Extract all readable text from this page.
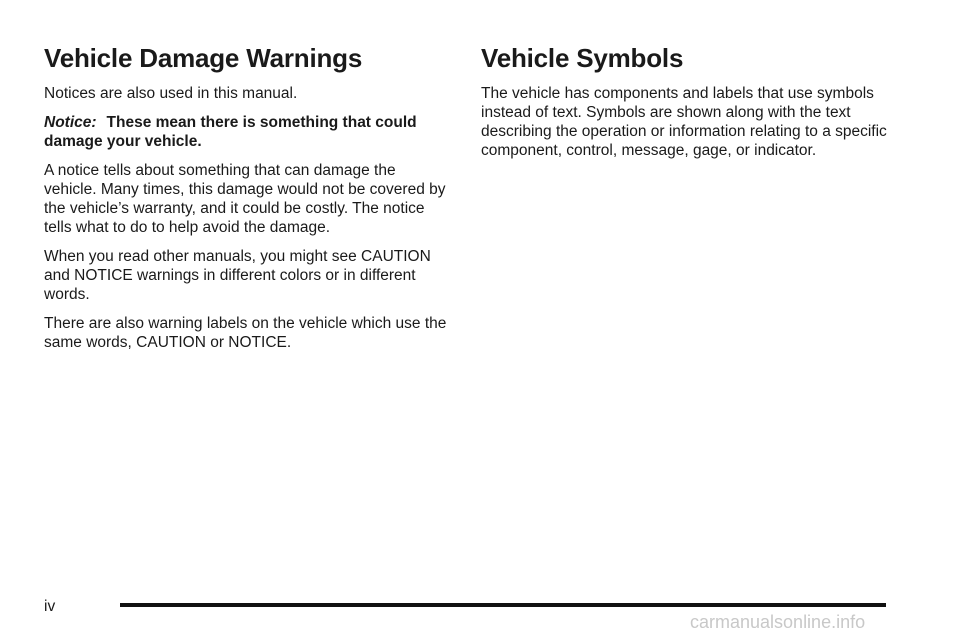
Vehicle Damage Warnings

Notices are also used in this manual.

Notice: These mean there is something that could damage your vehicle.

A notice tells about something that can damage the vehicle. Many times, this damage would not be covered by the vehicle’s warranty, and it could be costly. The notice tells what to do to help avoid the damage.

When you read other manuals, you might see CAUTION and NOTICE warnings in different colors or in different words.

There are also warning labels on the vehicle which use the same words, CAUTION or NOTICE.

Vehicle Symbols

The vehicle has components and labels that use symbols instead of text. Symbols are shown along with the text describing the operation or information relating to a specific component, control, message, gage, or indicator.

iv
carmanualsonline.info
